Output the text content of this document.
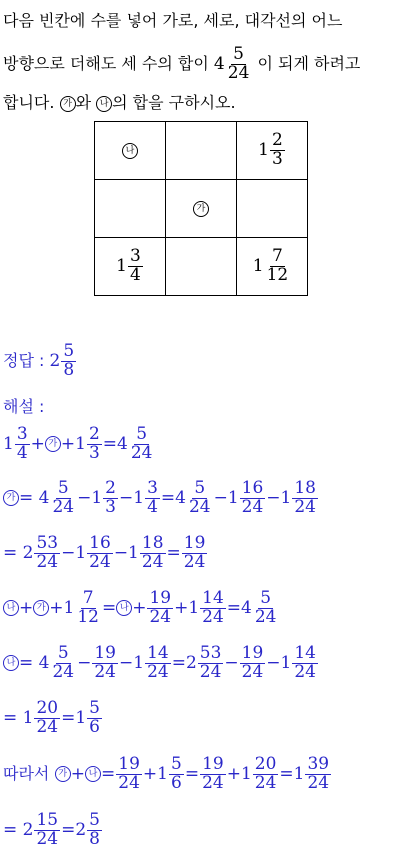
다음 빈칸에 수를 넣어 가로, 세로, 대각선의 어느
방향으로 더해도 세 수의 합이 $4 \frac{5}{24}$ 이 되게 하려고
합니다. 가 와 나 의 합을 구하시오.
나		$1 \frac{2}{3}$

	가	
$1 \frac{3}{4}$		$1 \frac{7}{12}$
정답 : $2 \frac{5}{8}$
해설 :
$1 \frac{3}{4}$ + 가 $+1 \frac{2}{3} =4 \frac{5}{24}$
가 = $4 \frac{5}{24} -1 \frac{2}{3} -1 \frac{3}{4} =4 \frac{5}{24} -1 \frac{16}{24} -1 \frac{18}{24}$
= $2 \frac{53}{24} -1 \frac{16}{24} -1 \frac{18}{24} = \frac{19}{24}$
나 + 가 $+1 \frac{7}{12}$ = 나 + $\frac{19}{24} +1 \frac{14}{24} =4 \frac{5}{24}$
나 = $4 \frac{5}{24} - \frac{19}{24} -1 \frac{14}{24} =2 \frac{53}{24} - \frac{19}{24} -1 \frac{14}{24}$
= $1 \frac{20}{24} =1 \frac{5}{6}$
따라서 가 + 나 = $\frac{19}{24} +1 \frac{5}{6} = \frac{19}{24} +1 \frac{20}{24} =1 \frac{39}{24}$
= $2 \frac{15}{24} =2 \frac{5}{8}$
